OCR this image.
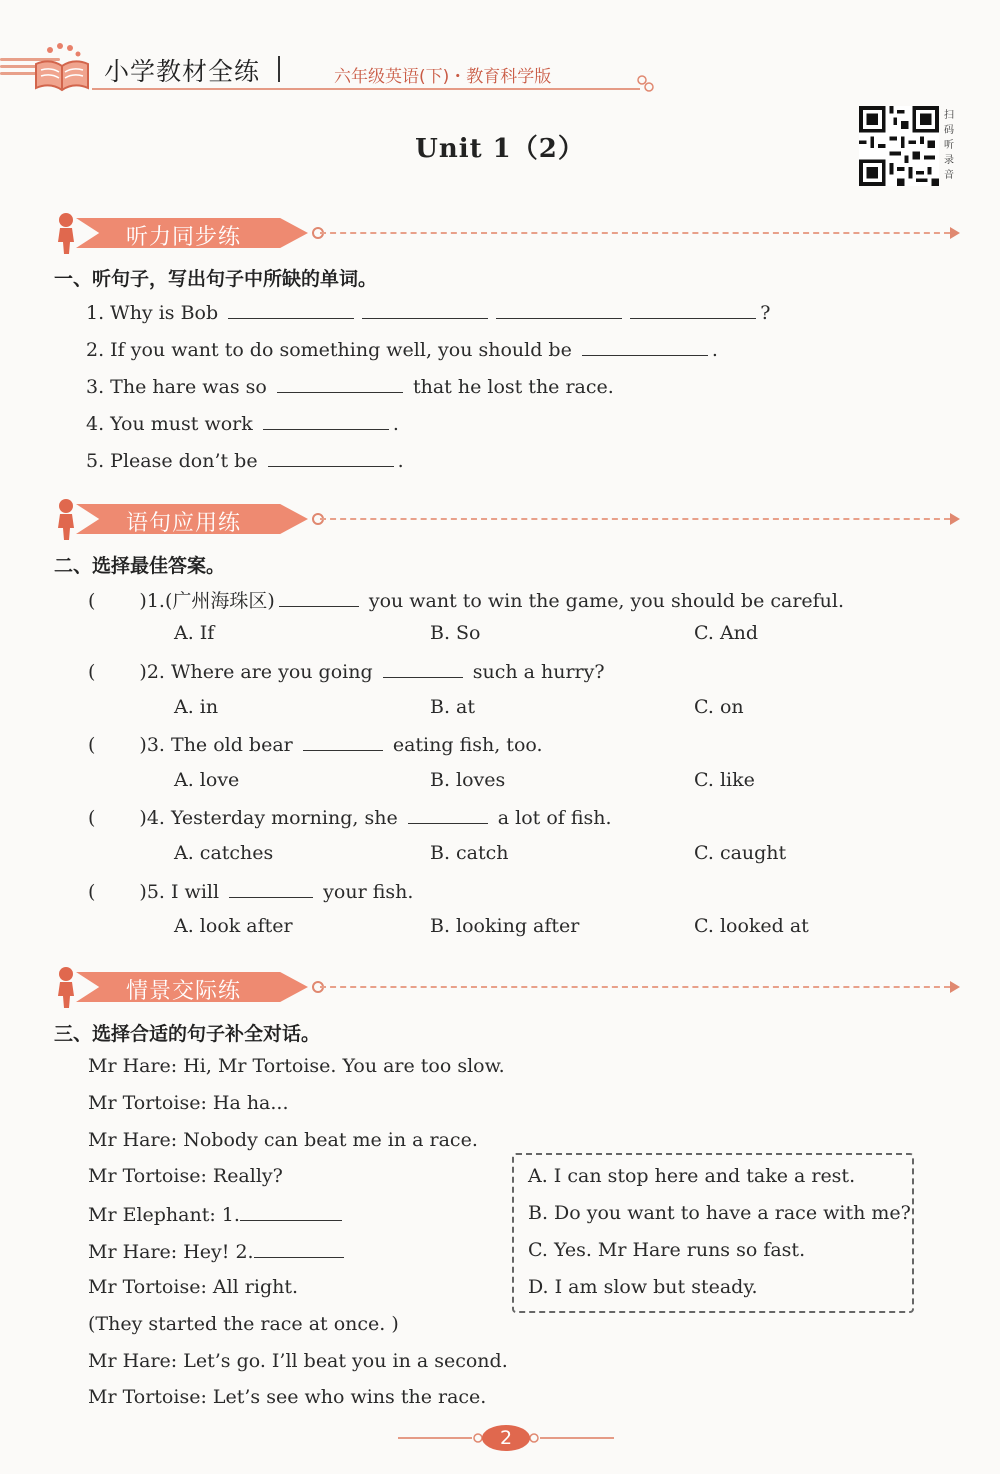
小学教材全练	六年级英语(下)・教育科学版
Unit 1（2）
扫
码
听
录
音
听力同步练
一、听句子，写出句子中所缺的单词。
1. Why is Bob	?
2. If you want to do something well, you should be	.
3. The hare was so	that he lost the race.
4. You must work	.
5. Please don’t be	.
语句应用练
二、选择最佳答案。
( )1.(广州海珠区)	you want to win the game, you should be careful.
A. If	B. So	C. And
( )2. Where are you going	such a hurry?
A. in	B. at	C. on
( )3. The old bear	eating fish, too.
A. love	B. loves	C. like
( )4. Yesterday morning, she	a lot of fish.
A. catches	B. catch	C. caught
( )5. I will	your fish.
A. look after	B. looking after	C. looked at
情景交际练
三、选择合适的句子补全对话。
Mr Hare: Hi, Mr Tortoise. You are too slow.
Mr Tortoise: Ha ha...
Mr Hare: Nobody can beat me in a race.
Mr Tortoise: Really?
Mr Elephant: 1.
Mr Hare: Hey! 2.
Mr Tortoise: All right.
(They started the race at once. )
Mr Hare: Let’s go. I’ll beat you in a second.
Mr Tortoise: Let’s see who wins the race.
A. I can stop here and take a rest.
B. Do you want to have a race with me?
C. Yes. Mr Hare runs so fast.
D. I am slow but steady.
2
